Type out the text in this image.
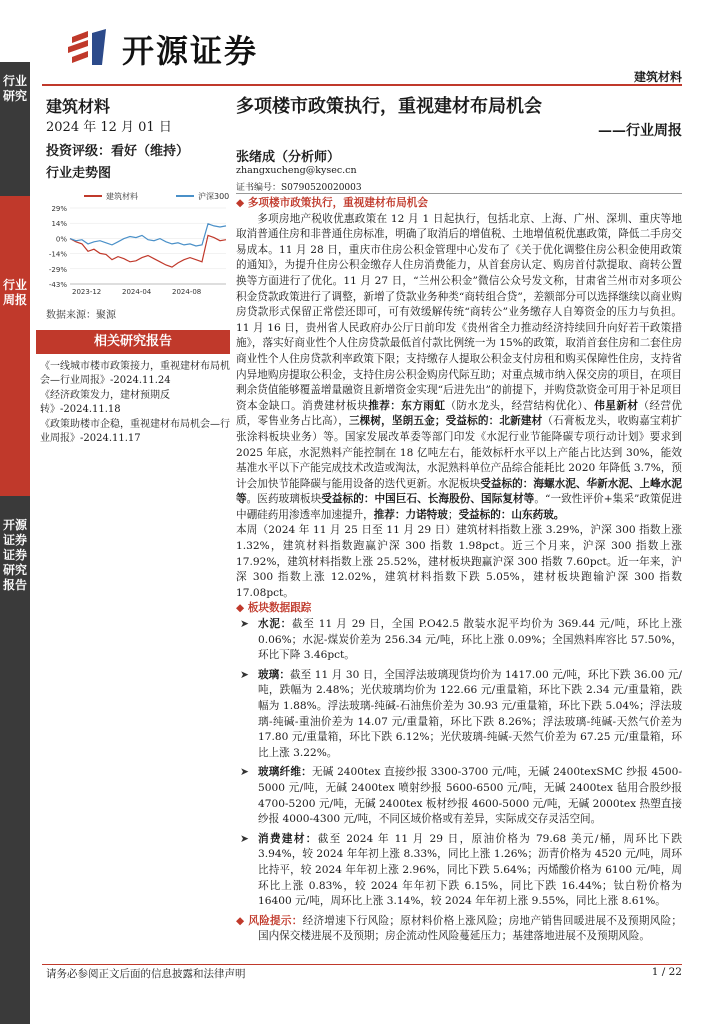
开源证券
建筑材料
行业研究
行业周报
开源证券 证券研究报告
建筑材料
2024 年 12 月 01 日
投资评级：看好（维持）
行业走势图
建筑材料	沪深300
29%
14%
0%
-14%
-29%
-43%
2023-12	2024-04	2024-08
数据来源：聚源
相关研究报告
《一线城市楼市政策接力，重视建材布局机会—行业周报》-2024.11.24
《经济政策发力，建材预期反转》-2024.11.18
《政策助楼市企稳，重视建材布局机会—行业周报》-2024.11.17
多项楼市政策执行，重视建材布局机会
——行业周报
张绪成（分析师）
zhangxucheng@kysec.cn
证书编号：S0790520020003
◆ 多项楼市政策执行，重视建材布局机会
多项房地产税收优惠政策在 12 月 1 日起执行，包括北京、上海、广州、深圳、重庆等地取消普通住房和非普通住房标准，明确了取消后的增值税、土地增值税优惠政策，降低二手房交易成本。11 月 28 日，重庆市住房公积金管理中心发布了《关于优化调整住房公积金使用政策的通知》，为提升住房公积金缴存人住房消费能力，从首套房认定、购房首付款提取、商转公置换等方面进行了优化。11 月 27 日，“兰州公积金”微信公众号发文称，甘肃省兰州市对多项公积金贷款政策进行了调整，新增了贷款业务种类“商转组合贷”，差额部分可以选择继续以商业购房贷款形式保留正常偿还即可，可有效缓解传统“商转公”业务缴存人自筹资金的压力与负担。11 月 16 日，贵州省人民政府办公厅日前印发《贵州省全力推动经济持续回升向好若干政策措施》，落实好商业性个人住房贷款最低首付款比例统一为 15%的政策，取消首套住房和二套住房商业性个人住房贷款利率政策下限；支持缴存人提取公积金支付房租和购买保障性住房，支持省内异地购房提取公积金，支持住房公积金购房代际互助；对重点城市纳入保交房的项目，在项目剩余货值能够覆盖增量融资且新增资金实现“后进先出”的前提下，并购贷款资金可用于补足项目资本金缺口。消费建材板块推荐：东方雨虹（防水龙头，经营结构优化）、伟星新材（经营优质，零售业务占比高），三棵树，坚朗五金；受益标的：北新建材（石膏板龙头，收购嘉宝莉扩张涂料板块业务）等。国家发展改革委等部门印发《水泥行业节能降碳专项行动计划》要求到 2025 年底，水泥熟料产能控制在 18 亿吨左右，能效标杆水平以上产能占比达到 30%，能效基准水平以下产能完成技术改造或淘汰，水泥熟料单位产品综合能耗比 2020 年降低 3.7%，预计会加快节能降碳与能用设备的迭代更新。水泥板块受益标的：海螺水泥、华新水泥、上峰水泥等。医药玻璃板块受益标的：中国巨石、长海股份、国际复材等。“一致性评价+集采”政策促进中硼硅药用渗透率加速提升，推荐：力诺特玻；受益标的：山东药玻。
本周（2024 年 11 月 25 日至 11 月 29 日）建筑材料指数上涨 3.29%，沪深 300 指数上涨 1.32%，建筑材料指数跑赢沪深 300 指数 1.98pct。近三个月来，沪深 300 指数上涨 17.92%，建筑材料指数上涨 25.52%，建材板块跑赢沪深 300 指数 7.60pct。近一年来，沪深 300 指数上涨 12.02%，建筑材料指数下跌 5.05%，建材板块跑输沪深 300 指数 17.08pct。
◆ 板块数据跟踪
➤ 水泥：截至 11 月 29 日，全国 P.O42.5 散装水泥平均价为 369.44 元/吨，环比上涨 0.06%；水泥-煤炭价差为 256.34 元/吨，环比上涨 0.09%；全国熟料库容比 57.50%，环比下降 3.46pct。
➤ 玻璃：截至 11 月 30 日，全国浮法玻璃现货均价为 1417.00 元/吨，环比下跌 36.00 元/吨，跌幅为 2.48%；光伏玻璃均价为 122.66 元/重量箱，环比下跌 2.34 元/重量箱，跌幅为 1.88%。浮法玻璃-纯碱-石油焦价差为 30.93 元/重量箱，环比下跌 5.04%；浮法玻璃-纯碱-重油价差为 14.07 元/重量箱，环比下跌 8.26%；浮法玻璃-纯碱-天然气价差为 17.80 元/重量箱，环比下跌 6.12%；光伏玻璃-纯碱-天然气价差为 67.25 元/重量箱，环比上涨 3.22%。
➤ 玻璃纤维：无碱 2400tex 直接纱报 3300-3700 元/吨，无碱 2400texSMC 纱报 4500-5000 元/吨，无碱 2400tex 喷射纱报 5600-6500 元/吨，无碱 2400tex 毡用合股纱报 4700-5200 元/吨，无碱 2400tex 板材纱报 4600-5000 元/吨，无碱 2000tex 热塑直接纱报 4000-4300 元/吨，不同区域价格或有差异，实际成交存灵活空间。
➤ 消费建材：截至 2024 年 11 月 29 日，原油价格为 79.68 美元/桶，周环比下跌 3.94%，较 2024 年年初上涨 8.33%，同比上涨 1.26%；沥青价格为 4520 元/吨，周环比持平，较 2024 年年初上涨 2.96%，同比下跌 5.64%；丙烯酸价格为 6100 元/吨，周环比上涨 0.83%，较 2024 年年初下跌 6.15%，同比下跌 16.44%；钛白粉价格为 16400 元/吨，周环比上涨 3.14%，较 2024 年年初上涨 9.55%，同比上涨 8.61%。
◆ 风险提示：经济增速下行风险；原材料价格上涨风险；房地产销售回暖进展不及预期风险；国内保交楼进展不及预期；房企流动性风险蔓延压力；基建落地进展不及预期风险。
请务必参阅正文后面的信息披露和法律声明	1 / 22
